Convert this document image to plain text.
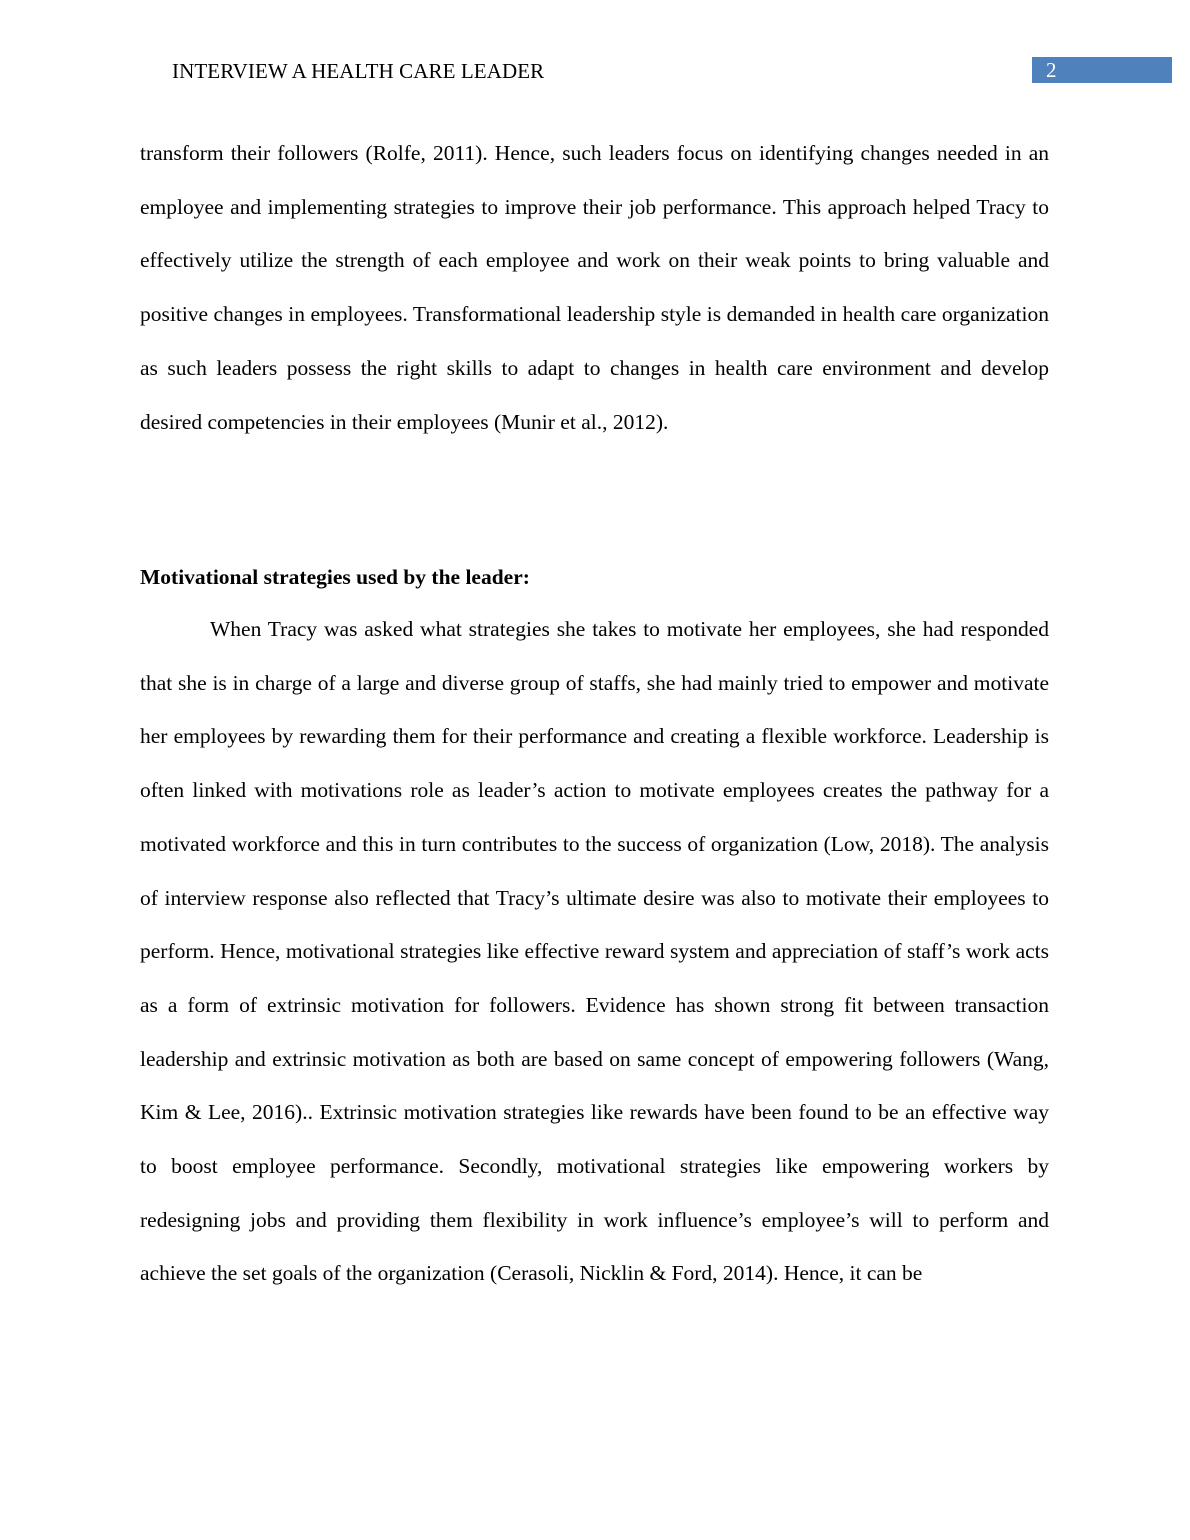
INTERVIEW A HEALTH CARE LEADER	2

transform their followers (Rolfe, 2011). Hence, such leaders focus on identifying changes needed in an employee and implementing strategies to improve their job performance. This approach helped Tracy to effectively utilize the strength of each employee and work on their weak points to bring valuable and positive changes in employees. Transformational leadership style is demanded in health care organization as such leaders possess the right skills to adapt to changes in health care environment and develop desired competencies in their employees (Munir et al., 2012).

Motivational strategies used by the leader:

When Tracy was asked what strategies she takes to motivate her employees, she had responded that she is in charge of a large and diverse group of staffs, she had mainly tried to empower and motivate her employees by rewarding them for their performance and creating a flexible workforce. Leadership is often linked with motivations role as leader’s action to motivate employees creates the pathway for a motivated workforce and this in turn contributes to the success of organization (Low, 2018). The analysis of interview response also reflected that Tracy’s ultimate desire was also to motivate their employees to perform. Hence, motivational strategies like effective reward system and appreciation of staff’s work acts as a form of extrinsic motivation for followers. Evidence has shown strong fit between transaction leadership and extrinsic motivation as both are based on same concept of empowering followers (Wang, Kim & Lee, 2016).. Extrinsic motivation strategies like rewards have been found to be an effective way to boost employee performance. Secondly, motivational strategies like empowering workers by redesigning jobs and providing them flexibility in work influence’s employee’s will to perform and achieve the set goals of the organization (Cerasoli, Nicklin & Ford, 2014). Hence, it can be
